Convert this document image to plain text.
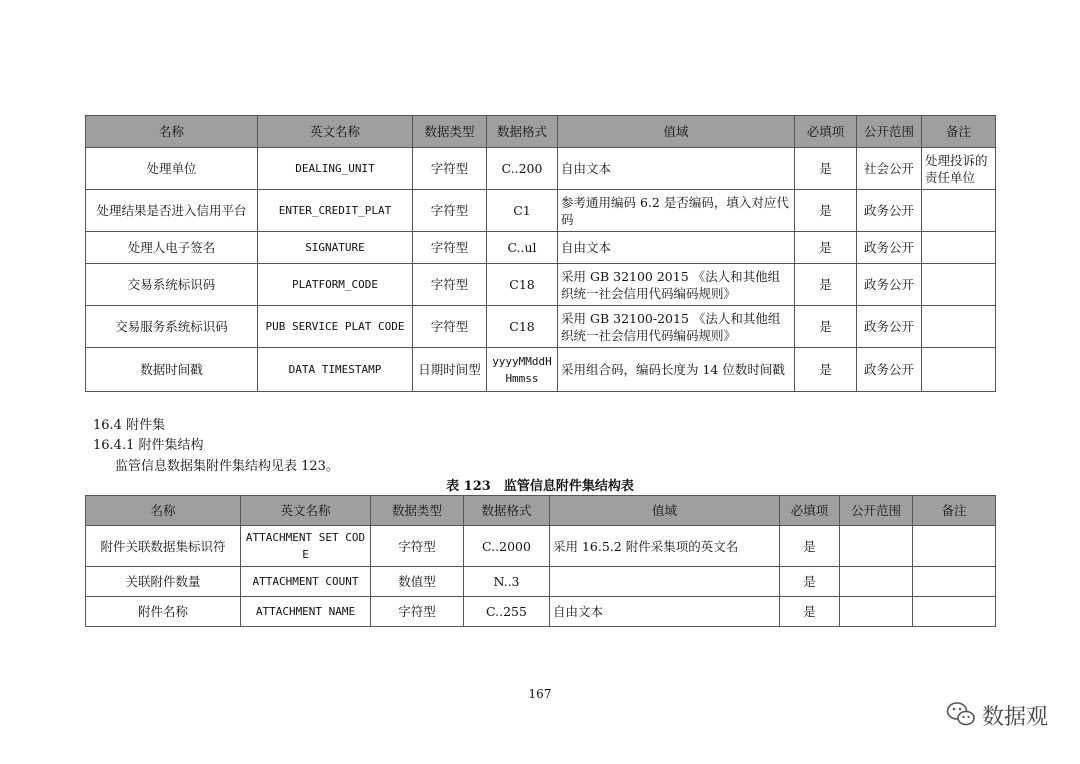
名称	英文名称	数据类型	数据格式	值域	必填项	公开范围	备注
处理单位	DEALING_UNIT	字符型	C..200	自由文本	是	社会公开	处理投诉的责任单位
处理结果是否进入信用平台	ENTER_CREDIT_PLAT	字符型	C1	参考通用编码 6.2 是否编码，填入对应代码	是	政务公开	
处理人电子签名	SIGNATURE	字符型	C..ul	自由文本	是	政务公开	
交易系统标识码	PLATFORM_CODE	字符型	C18	采用 GB 32100 2015 《法人和其他组织统一社会信用代码编码规则》	是	政务公开	
交易服务系统标识码	PUB SERVICE PLAT CODE	字符型	C18	采用 GB 32100-2015 《法人和其他组织统一社会信用代码编码规则》	是	政务公开	
数据时间戳	DATA TIMESTAMP	日期时间型	yyyyMMddHHmmss	采用组合码，编码长度为 14 位数时间戳	是	政务公开	
16.4 附件集
16.4.1 附件集结构
监管信息数据集附件集结构见表 123。
表 123　监管信息附件集结构表
名称	英文名称	数据类型	数据格式	值域	必填项	公开范围	备注
附件关联数据集标识符	ATTACHMENT SET CODE	字符型	C..2000	采用 16.5.2 附件采集项的英文名	是		
关联附件数量	ATTACHMENT COUNT	数值型	N..3		是		
附件名称	ATTACHMENT NAME	字符型	C..255	自由文本	是		
167
数据观
